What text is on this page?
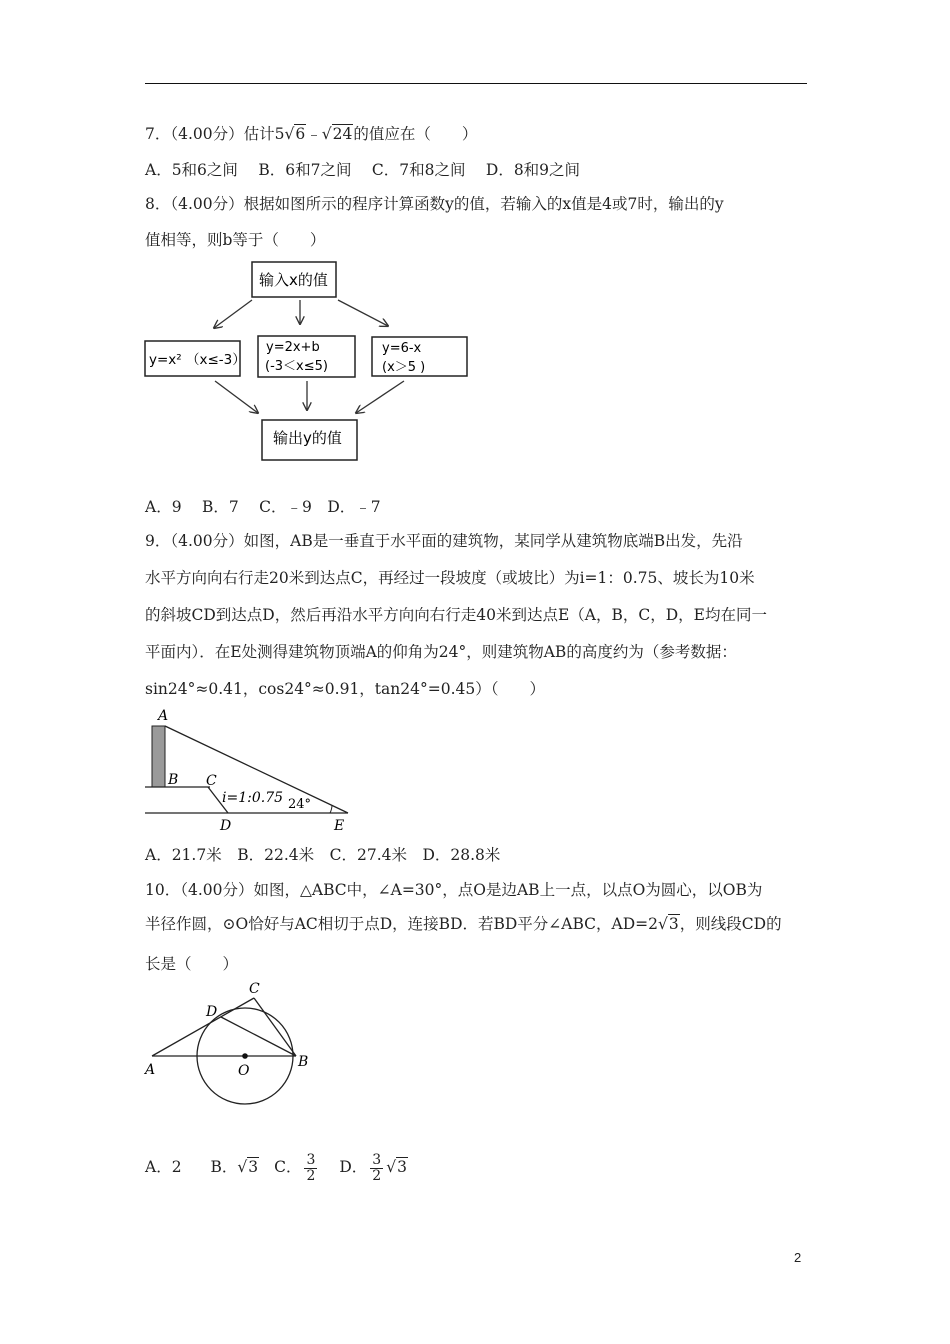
7．（4.00分）估计5√6﹣√24的值应在（　　）
A．5和6之间　 B．6和7之间　 C．7和8之间　 D．8和9之间
8．（4.00分）根据如图所示的程序计算函数y的值，若输入的x值是4或7时，输出的y
值相等，则b等于（　　）
输入x的值
y=x² （x≤-3）
y=2x+b
(-3＜x≤5)
y=6-x
(x＞5 )
输出y的值
A．9　 B．7　 C．﹣9　D．﹣7
9．（4.00分）如图，AB是一垂直于水平面的建筑物，某同学从建筑物底端B出发，先沿
水平方向向右行走20米到达点C，再经过一段坡度（或坡比）为i=1：0.75、坡长为10米
的斜坡CD到达点D，然后再沿水平方向向右行走40米到达点E（A，B，C，D，E均在同一
平面内）．在E处测得建筑物顶端A的仰角为24°，则建筑物AB的高度约为（参考数据：
sin24°≈0.41，cos24°≈0.91，tan24°=0.45）（　　）
A
B C
D	E
i=1:0.75 24°
A．21.7米　B．22.4米　C．27.4米　D．28.8米
10．（4.00分）如图，△ABC中，∠A=30°，点O是边AB上一点，以点O为圆心，以OB为
半径作圆，⊙O恰好与AC相切于点D，连接BD．若BD平分∠ABC，AD=2√3，则线段CD的
长是（　　）
A	B
C
D
O
A．2 B．√3 C． $\frac{3}{2}$ D． $\frac{3}{2} √3$
2
